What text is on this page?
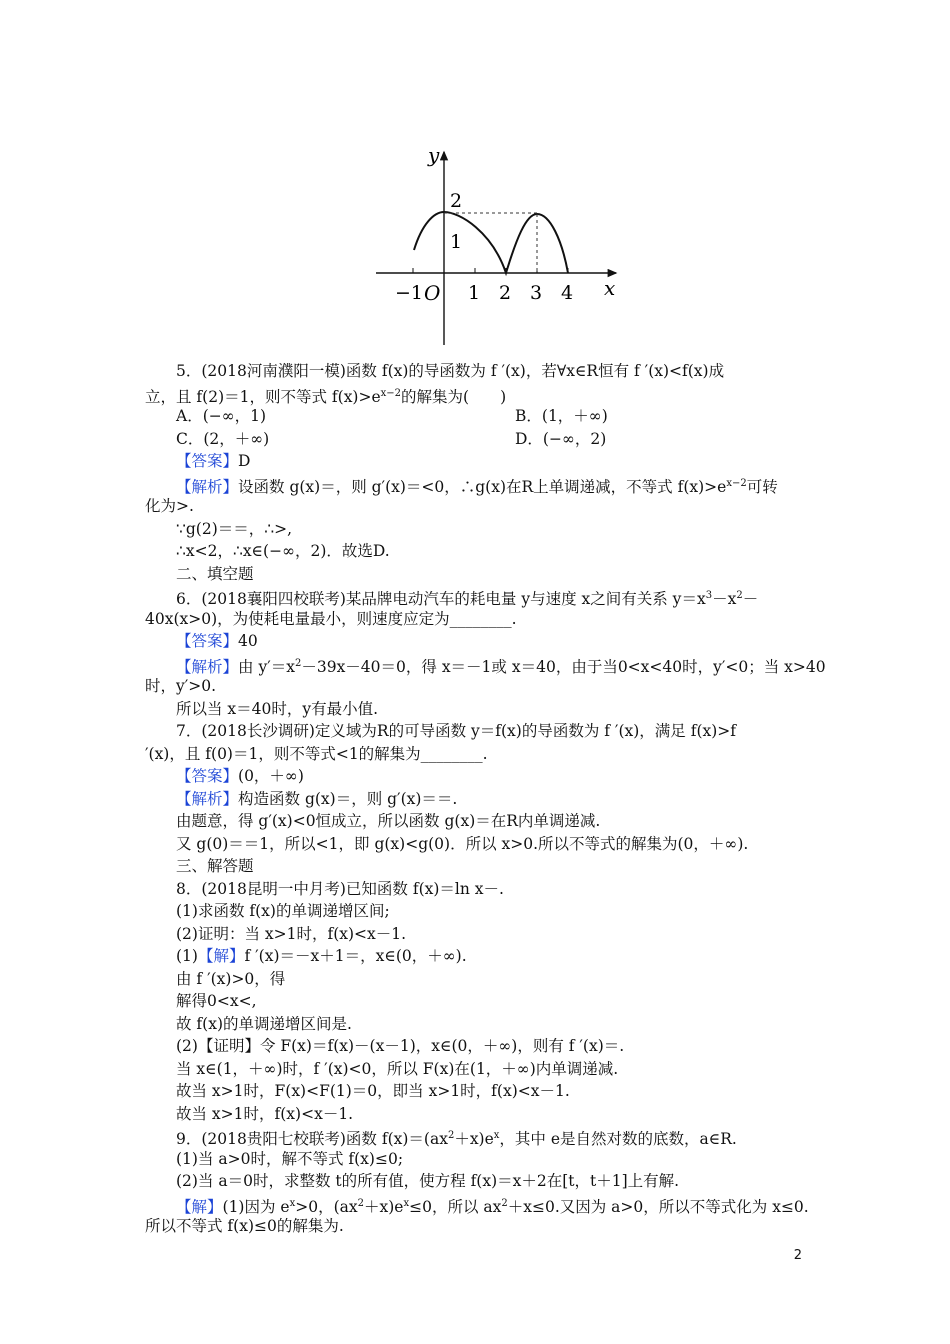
y
x
O
−1 1 2 3 4
2
1
5．(2018河南濮阳一模)函数 f(x)的导函数为 f ′(x)，若∀x∈R恒有 f ′(x)<f(x)成
立，且 f(2)＝1，则不等式 $f(x)>e^{x-2}$的解集为(　　)
A．(−∞，1)	B．(1，＋∞)
C．(2，＋∞)	D．(−∞，2)
【答案】D
【解析】设函数 g(x)＝，则 g′(x)＝<0，∴g(x)在R上单调递减，不等式 $f(x)>e^{x-2}$可转
化为>.
∵g(2)＝＝，∴>,
∴x<2，∴x∈(−∞，2)．故选D.
二、填空题
6．(2018襄阳四校联考)某品牌电动汽车的耗电量 y与速度 x之间有关系 $y=x^3-x^2-$
40x(x>0)，为使耗电量最小，则速度应定为________.
【答案】40
【解析】由 $y'=x^2-39x-40=0$，得 x＝－1或 x＝40，由于当0<x<40时，y′<0；当 x>40
时，y′>0.
所以当 x＝40时，y有最小值.
7．(2018长沙调研)定义域为R的可导函数 y＝f(x)的导函数为 f ′(x)，满足 f(x)>f
′(x)，且 f(0)＝1，则不等式<1的解集为________.
【答案】(0，＋∞)
【解析】构造函数 g(x)＝，则 g′(x)＝＝.
由题意，得 g′(x)<0恒成立，所以函数 g(x)＝在R内单调递减.
又 g(0)＝＝1，所以<1，即 g(x)<g(0)．所以 x>0.所以不等式的解集为(0，＋∞).
三、解答题
8．(2018昆明一中月考)已知函数 f(x)＝ln x－.
(1)求函数 f(x)的单调递增区间;
(2)证明：当 x>1时，f(x)<x－1.
(1)【解】f ′(x)＝－x＋1＝，x∈(0，＋∞).
由 f ′(x)>0，得
解得0<x<,
故 f(x)的单调递增区间是.
(2)【证明】令 F(x)＝f(x)－(x－1)，x∈(0，＋∞)，则有 f ′(x)＝.
当 x∈(1，＋∞)时，f ′(x)<0，所以 F(x)在(1，＋∞)内单调递减.
故当 x>1时，F(x)<F(1)＝0，即当 x>1时，f(x)<x－1.
故当 x>1时，f(x)<x－1.
9．(2018贵阳七校联考)函数 $f(x)=(ax^2+x)e^x$，其中 e是自然对数的底数，a∈R.
(1)当 a>0时，解不等式 f(x)≤0;
(2)当 a＝0时，求整数 t的所有值，使方程 f(x)＝x＋2在[t，t＋1]上有解.
【解】(1)因为 $e^x>0$，$(ax^2+x)e^x\le 0$，所以 $ax^2+x\le 0$.又因为 a>0，所以不等式化为 x≤0.
所以不等式 f(x)≤0的解集为.
2
